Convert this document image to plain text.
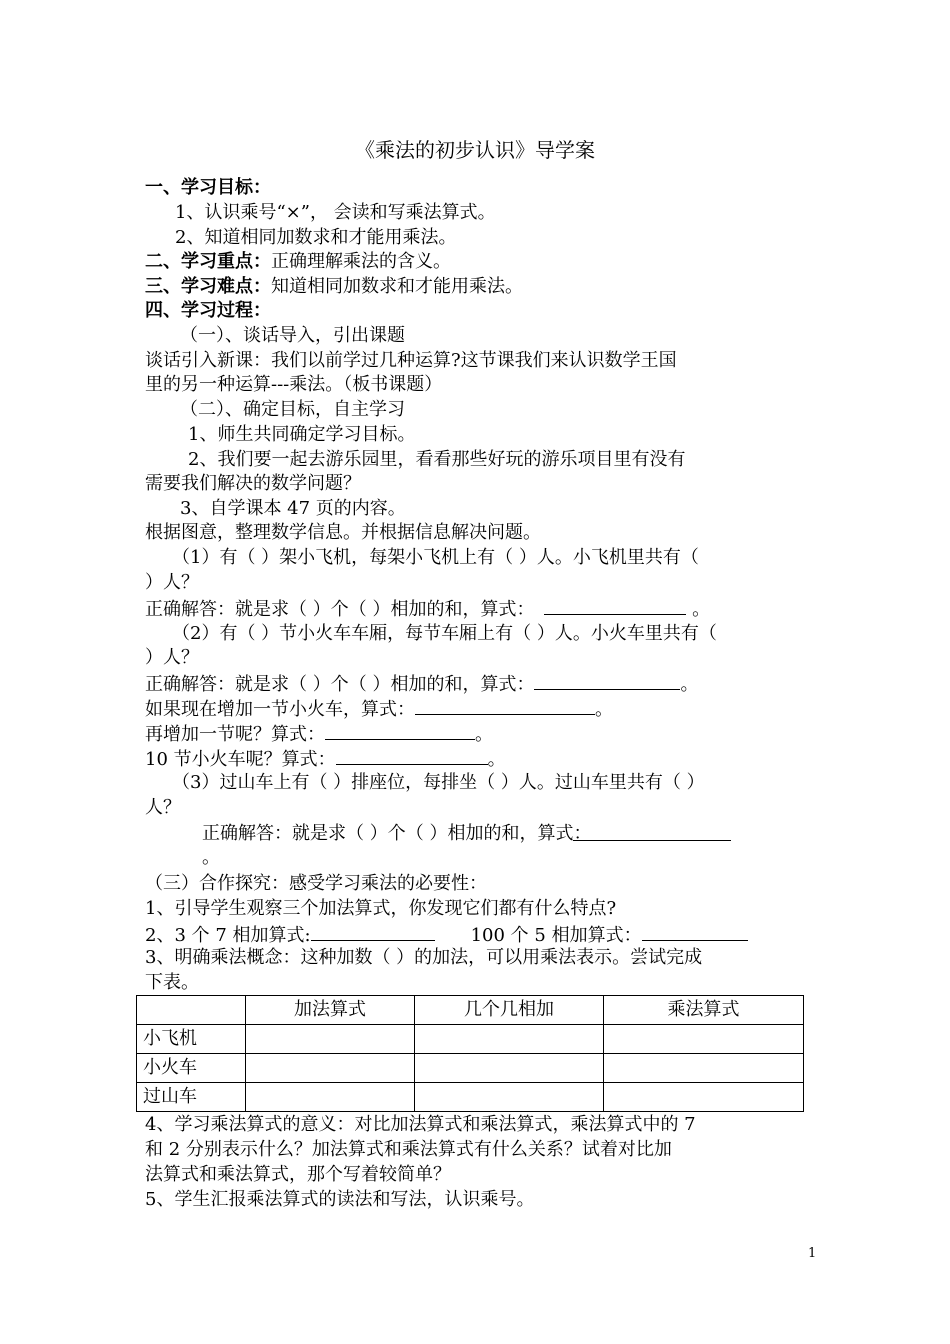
《乘法的初步认识》导学案
一、学习目标：
1、认识乘号“×”， 会读和写乘法算式。
2、知道相同加数求和才能用乘法。
二、学习重点：正确理解乘法的含义。
三、学习难点：知道相同加数求和才能用乘法。
四、学习过程：
（一）、谈话导入，引出课题
谈话引入新课：我们以前学过几种运算?这节课我们来认识数学王国
里的另一种运算---乘法。（板书课题）
（二）、确定目标，自主学习
1、师生共同确定学习目标。
2、我们要一起去游乐园里，看看那些好玩的游乐项目里有没有
需要我们解决的数学问题？
3、自学课本 47 页的内容。
根据图意，整理数学信息。并根据信息解决问题。
（1）有（ ）架小飞机，每架小飞机上有（ ）人。小飞机里共有（
）人？
正确解答：就是求（ ）个（ ）相加的和，算式：	。
（2）有（ ）节小火车车厢，每节车厢上有（ ）人。小火车里共有（
）人？
正确解答：就是求（ ）个（ ）相加的和，算式：	。
如果现在增加一节小火车，算式：	。
再增加一节呢？算式：	。
10 节小火车呢？算式：	。
（3）过山车上有（ ）排座位，每排坐（ ）人。过山车里共有（ ）
人？
正确解答：就是求（ ）个（ ）相加的和，算式：
。
（三）合作探究：感受学习乘法的必要性：
1、引导学生观察三个加法算式，你发现它们都有什么特点?
2、3 个 7 相加算式:	100 个 5 相加算式：
3、明确乘法概念：这种加数（ ）的加法，可以用乘法表示。尝试完成
下表。
	加法算式	几个几相加	乘法算式
小飞机			
小火车			
过山车			
4、学习乘法算式的意义：对比加法算式和乘法算式，乘法算式中的 7
和 2 分别表示什么？加法算式和乘法算式有什么关系？试着对比加
法算式和乘法算式，那个写着较简单？
5、学生汇报乘法算式的读法和写法，认识乘号。
1
